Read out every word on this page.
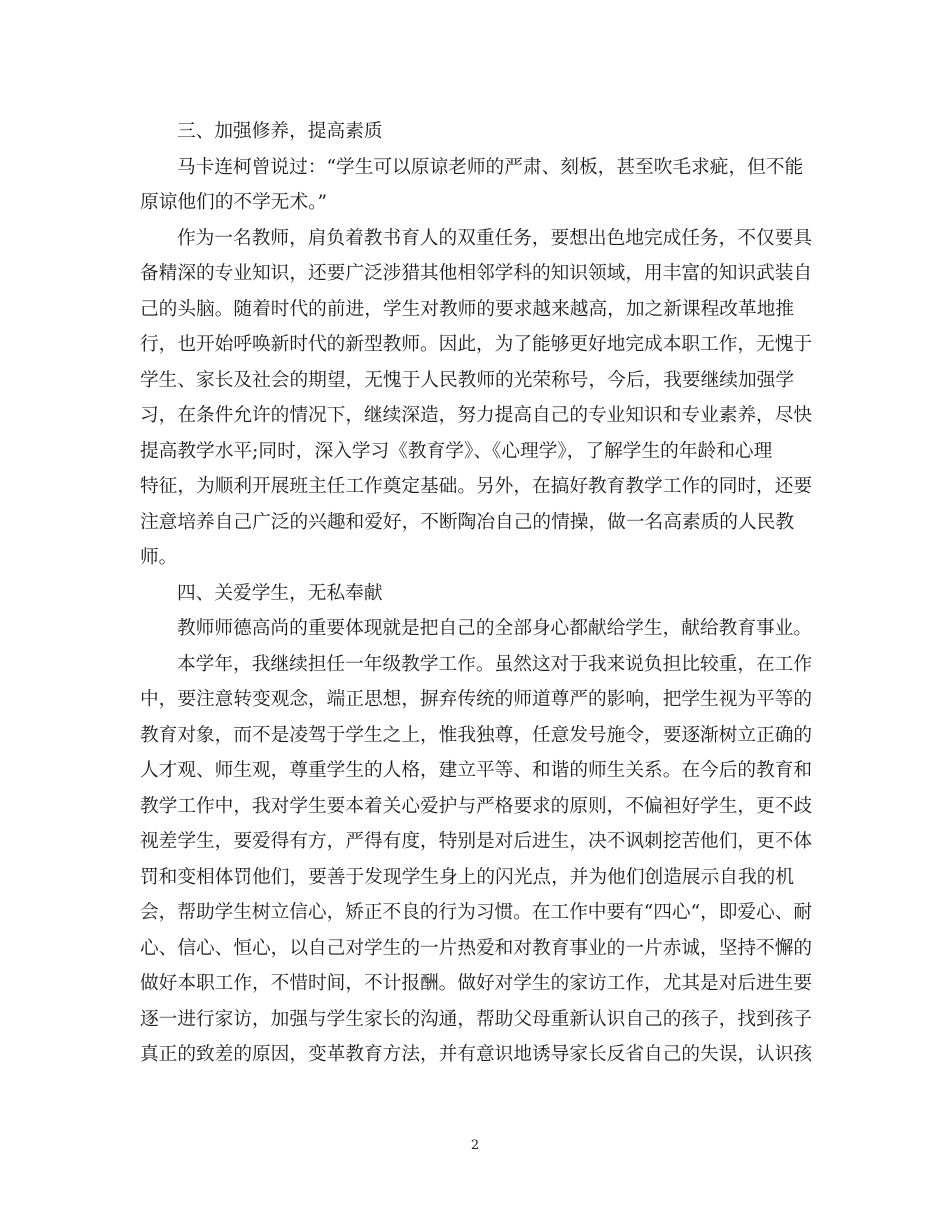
三、加强修养，提高素质
马卡连柯曾说过：“学生可以原谅老师的严肃、刻板，甚至吹毛求疵，但不能
原谅他们的不学无术。”
作为一名教师，肩负着教书育人的双重任务，要想出色地完成任务，不仅要具
备精深的专业知识，还要广泛涉猎其他相邻学科的知识领域，用丰富的知识武装自
己的头脑。随着时代的前进，学生对教师的要求越来越高，加之新课程改革地推
行，也开始呼唤新时代的新型教师。因此，为了能够更好地完成本职工作，无愧于
学生、家长及社会的期望，无愧于人民教师的光荣称号，今后，我要继续加强学
习，在条件允许的情况下，继续深造，努力提高自己的专业知识和专业素养，尽快
提高教学水平;同时，深入学习《教育学》、《心理学》，了解学生的年龄和心理
特征，为顺利开展班主任工作奠定基础。另外，在搞好教育教学工作的同时，还要
注意培养自己广泛的兴趣和爱好，不断陶冶自己的情操，做一名高素质的人民教
师。
四、关爱学生，无私奉献
教师师德高尚的重要体现就是把自己的全部身心都献给学生，献给教育事业。
本学年，我继续担任一年级教学工作。虽然这对于我来说负担比较重，在工作
中，要注意转变观念，端正思想，摒弃传统的师道尊严的影响，把学生视为平等的
教育对象，而不是凌驾于学生之上，惟我独尊，任意发号施令，要逐渐树立正确的
人才观、师生观，尊重学生的人格，建立平等、和谐的师生关系。在今后的教育和
教学工作中，我对学生要本着关心爱护与严格要求的原则，不偏袒好学生，更不歧
视差学生，要爱得有方，严得有度，特别是对后进生，决不讽刺挖苦他们，更不体
罚和变相体罚他们，要善于发现学生身上的闪光点，并为他们创造展示自我的机
会，帮助学生树立信心，矫正不良的行为习惯。在工作中要有“四心“，即爱心、耐
心、信心、恒心，以自己对学生的一片热爱和对教育事业的一片赤诚，坚持不懈的
做好本职工作，不惜时间，不计报酬。做好对学生的家访工作，尤其是对后进生要
逐一进行家访，加强与学生家长的沟通，帮助父母重新认识自己的孩子，找到孩子
真正的致差的原因，变革教育方法，并有意识地诱导家长反省自己的失误，认识孩
2
